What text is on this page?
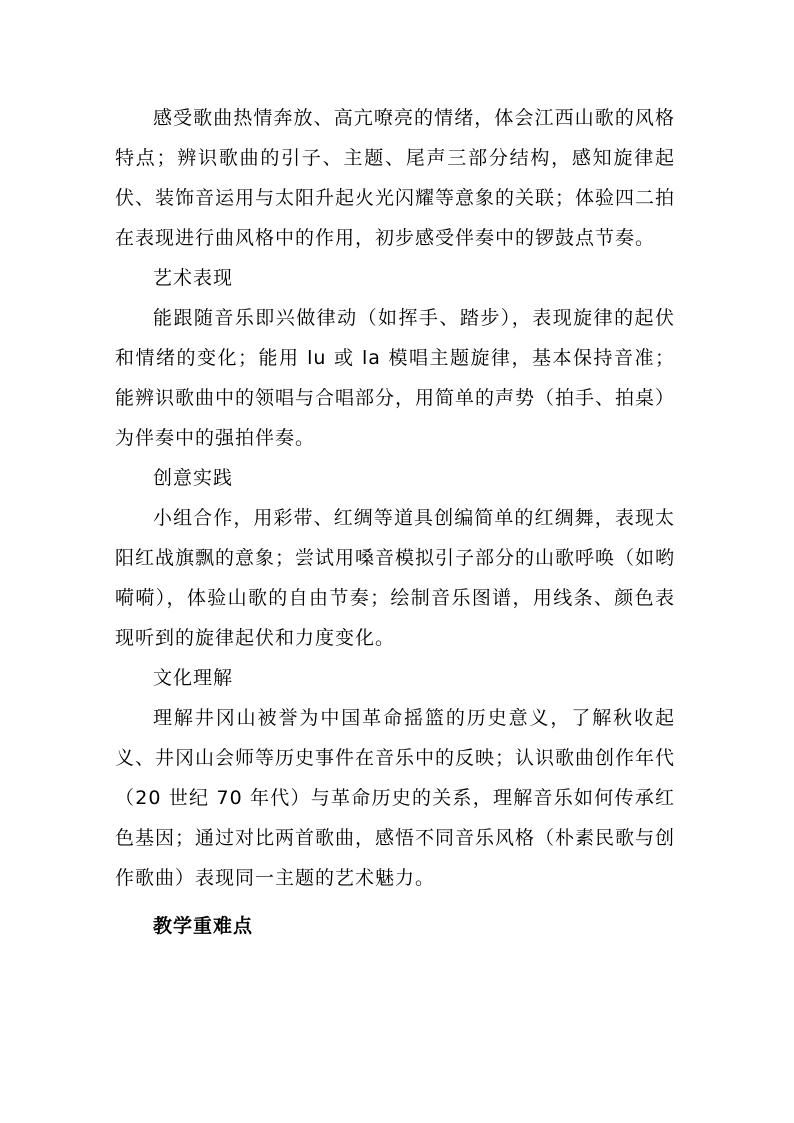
感受歌曲热情奔放、高亢嘹亮的情绪，体会江西山歌的风格特点；辨识歌曲的引子、主题、尾声三部分结构，感知旋律起伏、装饰音运用与太阳升起火光闪耀等意象的关联；体验四二拍在表现进行曲风格中的作用，初步感受伴奏中的锣鼓点节奏。

艺术表现

能跟随音乐即兴做律动（如挥手、踏步），表现旋律的起伏和情绪的变化；能用 lu 或 la 模唱主题旋律，基本保持音准；能辨识歌曲中的领唱与合唱部分，用简单的声势（拍手、拍桌）为伴奏中的强拍伴奏。

创意实践

小组合作，用彩带、红绸等道具创编简单的红绸舞，表现太阳红战旗飘的意象；尝试用嗓音模拟引子部分的山歌呼唤（如哟嗬嗬），体验山歌的自由节奏；绘制音乐图谱，用线条、颜色表现听到的旋律起伏和力度变化。

文化理解

理解井冈山被誉为中国革命摇篮的历史意义，了解秋收起义、井冈山会师等历史事件在音乐中的反映；认识歌曲创作年代（20 世纪 70 年代）与革命历史的关系，理解音乐如何传承红色基因；通过对比两首歌曲，感悟不同音乐风格（朴素民歌与创作歌曲）表现同一主题的艺术魅力。

教学重难点
